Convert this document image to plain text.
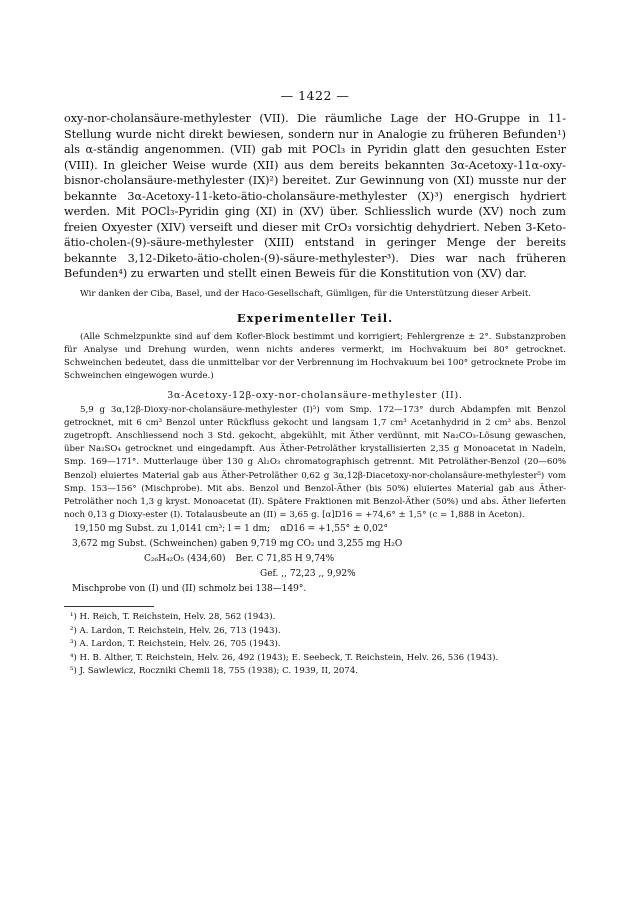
— 1422 —

oxy-nor-cholansäure-methylester (VII). Die räumliche Lage der HO-Gruppe in 11-Stellung wurde nicht direkt bewiesen, sondern nur in Analogie zu früheren Befunden¹) als α-ständig angenommen. (VII) gab mit POCl₃ in Pyridin glatt den gesuchten Ester (VIII). In gleicher Weise wurde (XII) aus dem bereits bekannten 3α-Acetoxy-11α-oxy-bisnor-cholansäure-methylester (IX)²) bereitet. Zur Gewinnung von (XI) musste nur der bekannte 3α-Acetoxy-11-keto-ätio-cholansäure-methylester (X)³) energisch hydriert werden. Mit POCl₃-Pyridin ging (XI) in (XV) über. Schliesslich wurde (XV) noch zum freien Oxyester (XIV) verseift und dieser mit CrO₃ vorsichtig dehydriert. Neben 3-Keto-ätio-cholen-(9)-säure-methylester (XIII) entstand in geringer Menge der bereits bekannte 3,12-Diketo-ätio-cholen-(9)-säure-methylester³). Dies war nach früheren Befunden⁴) zu erwarten und stellt einen Beweis für die Konstitution von (XV) dar.

Wir danken der Ciba, Basel, und der Haco-Gesellschaft, Gümligen, für die Unterstützung dieser Arbeit.

Experimenteller Teil.

(Alle Schmelzpunkte sind auf dem Kofler-Block bestimmt und korrigiert; Fehlergrenze ± 2°. Substanzproben für Analyse und Drehung wurden, wenn nichts anderes vermerkt, im Hochvakuum bei 80° getrocknet. Schweinchen bedeutet, dass die unmittelbar vor der Verbrennung im Hochvakuum bei 100° getrocknete Probe im Schweinchen eingewogen wurde.)

3α-Acetoxy-12β-oxy-nor-cholansäure-methylester (II).

5,9 g 3α,12β-Dioxy-nor-cholansäure-methylester (I)⁵) vom Smp. 172—173° durch Abdampfen mit Benzol getrocknet, mit 6 cm³ Benzol unter Rückfluss gekocht und langsam 1,7 cm³ Acetanhydrid in 2 cm³ abs. Benzol zugetropft. Anschliessend noch 3 Std. gekocht, abgekühlt, mit Äther verdünnt, mit Na₂CO₃-Lösung gewaschen, über Na₂SO₄ getrocknet und eingedampft. Aus Äther-Petroläther krystallisierten 2,35 g Monoacetat in Nadeln, Smp. 169—171°. Mutterlauge über 130 g Al₂O₃ chromatographisch getrennt. Mit Petroläther-Benzol (20—60% Benzol) eluiertes Material gab aus Äther-Petroläther 0,62 g 3α,12β-Diacetoxy-nor-cholansäure-methylester⁵) vom Smp. 153—156° (Mischprobe). Mit abs. Benzol und Benzol-Äther (bis 50%) eluiertes Material gab aus Äther-Petroläther noch 1,3 g kryst. Monoacetat (II). Spätere Fraktionen mit Benzol-Äther (50%) und abs. Äther lieferten noch 0,13 g Dioxy-ester (I). Totalausbeute an (II) = 3,65 g. [α]D16 = +74,6° ± 1,5° (c = 1,888 in Aceton).

19,150 mg Subst. zu 1,0141 cm³; l = 1 dm; αD16 = +1,55° ± 0,02°

3,672 mg Subst. (Schweinchen) gaben 9,719 mg CO₂ und 3,255 mg H₂O

C₂₆H₄₂O₅ (434,60) Ber. C 71,85 H 9,74%

Gef. ,, 72,23 ,, 9,92%

Mischprobe von (I) und (II) schmolz bei 138—149°.

¹) H. Reich, T. Reichstein, Helv. 28, 562 (1943).

²) A. Lardon, T. Reichstein, Helv. 26, 713 (1943).

³) A. Lardon, T. Reichstein, Helv. 26, 705 (1943).

⁴) H. B. Alther, T. Reichstein, Helv. 26, 492 (1943); E. Seebeck, T. Reichstein, Helv. 26, 536 (1943).

⁵) J. Sawlewicz, Roczniki Chemii 18, 755 (1938); C. 1939, II, 2074.
